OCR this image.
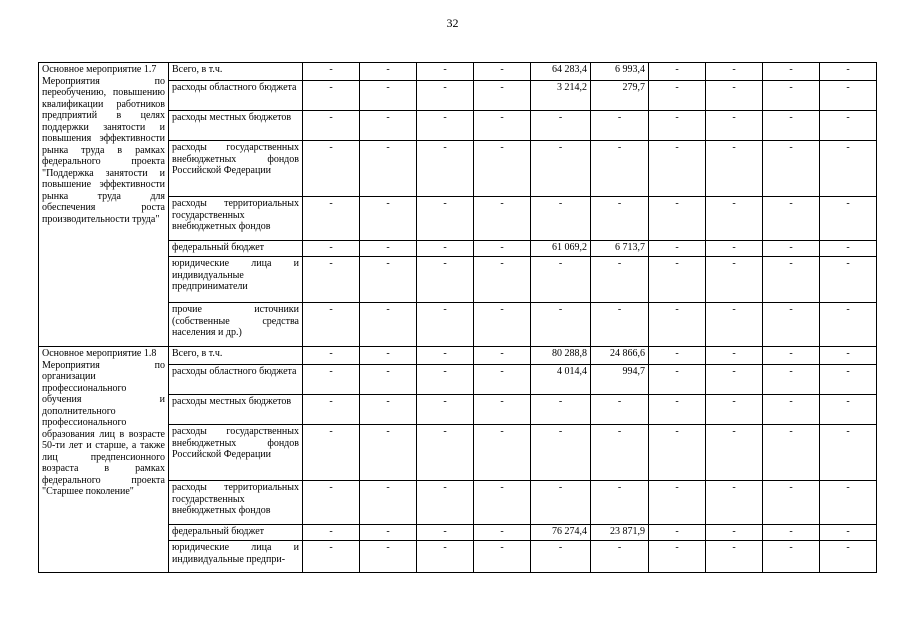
32
Основное мероприятие 1.7
Мероприятия по переобучению, повышению квалификации работников предприятий в целях поддержки занятости и повышения эффективности рынка труда в рамках федерального проекта "Поддержка занятости и повышение эффективности рынка труда для обеспечения роста производительности труда"	Всего, в т.ч.	-	-	-	-	64 283,4	6 993,4	-	-	-	-
	расходы областного бюджета	-	-	-	-	3 214,2	279,7	-	-	-	-
	расходы местных бюджетов	-	-	-	-	-	-	-	-	-	-
	расходы государственных внебюджетных фондов Российской Федерации	-	-	-	-	-	-	-	-	-	-
	расходы территориальных государственных внебюджетных фондов	-	-	-	-	-	-	-	-	-	-
	федеральный бюджет	-	-	-	-	61 069,2	6 713,7	-	-	-	-
	юридические лица и индивидуальные предприниматели	-	-	-	-	-	-	-	-	-	-
	прочие источники (собственные средства населения и др.)	-	-	-	-	-	-	-	-	-	-

Основное мероприятие 1.8
Мероприятия по организации профессионального обучения и дополнительного профессионального образования лиц в возрасте 50-ти лет и старше, а также лиц предпенсионного возраста в рамках федерального проекта "Старшее поколение"	Всего, в т.ч.	-	-	-	-	80 288,8	24 866,6	-	-	-	-
	расходы областного бюджета	-	-	-	-	4 014,4	994,7	-	-	-	-
	расходы местных бюджетов	-	-	-	-	-	-	-	-	-	-
	расходы государственных внебюджетных фондов Российской Федерации	-	-	-	-	-	-	-	-	-	-
	расходы территориальных государственных внебюджетных фондов	-	-	-	-	-	-	-	-	-	-
	федеральный бюджет	-	-	-	-	76 274,4	23 871,9	-	-	-	-
	юридические лица и индивидуальные предпри-	-	-	-	-	-	-	-	-	-	-
